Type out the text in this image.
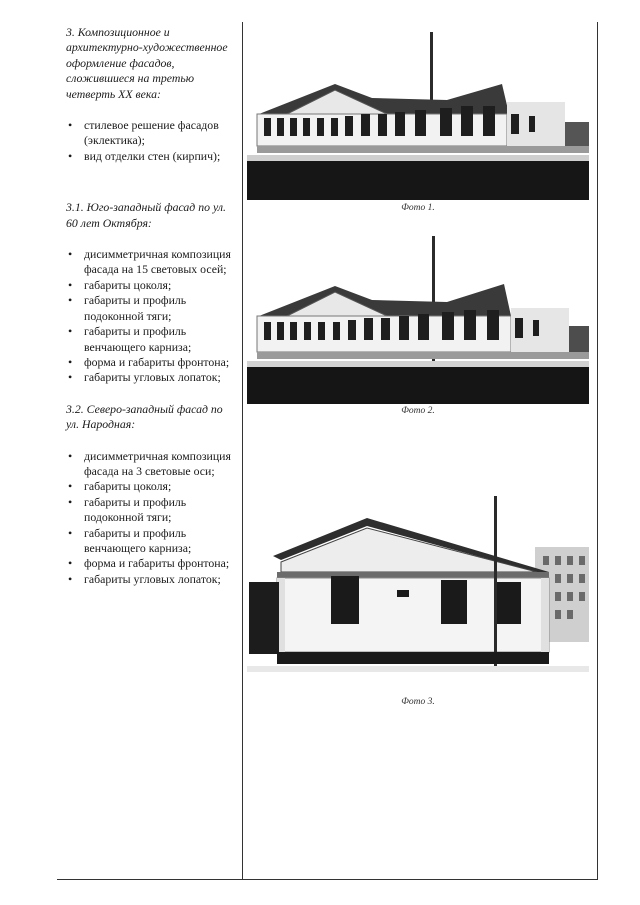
3. Композиционное и архитектурно-художественное оформление фасадов, сложившиеся на третью четверть XX века:

• стилевое решение фасадов (эклектика);
• вид отделки стен (кирпич);

3.1. Юго-западный фасад по ул. 60 лет Октября:

• дисимметричная композиция фасада на 15 световых осей;
• габариты цоколя;
• габариты и профиль подоконной тяги;
• габариты и профиль венчающего карниза;
• форма и габариты фронтона;
• габариты угловых лопаток;

3.2. Северо-западный фасад по ул. Народная:

• дисимметричная композиция фасада на 3 световые оси;
• габариты цоколя;
• габариты и профиль подоконной тяги;
• габариты и профиль венчающего карниза;
• форма и габариты фронтона;
• габариты угловых лопаток;
Фото 1.
Фото 2.
Фото 3.
